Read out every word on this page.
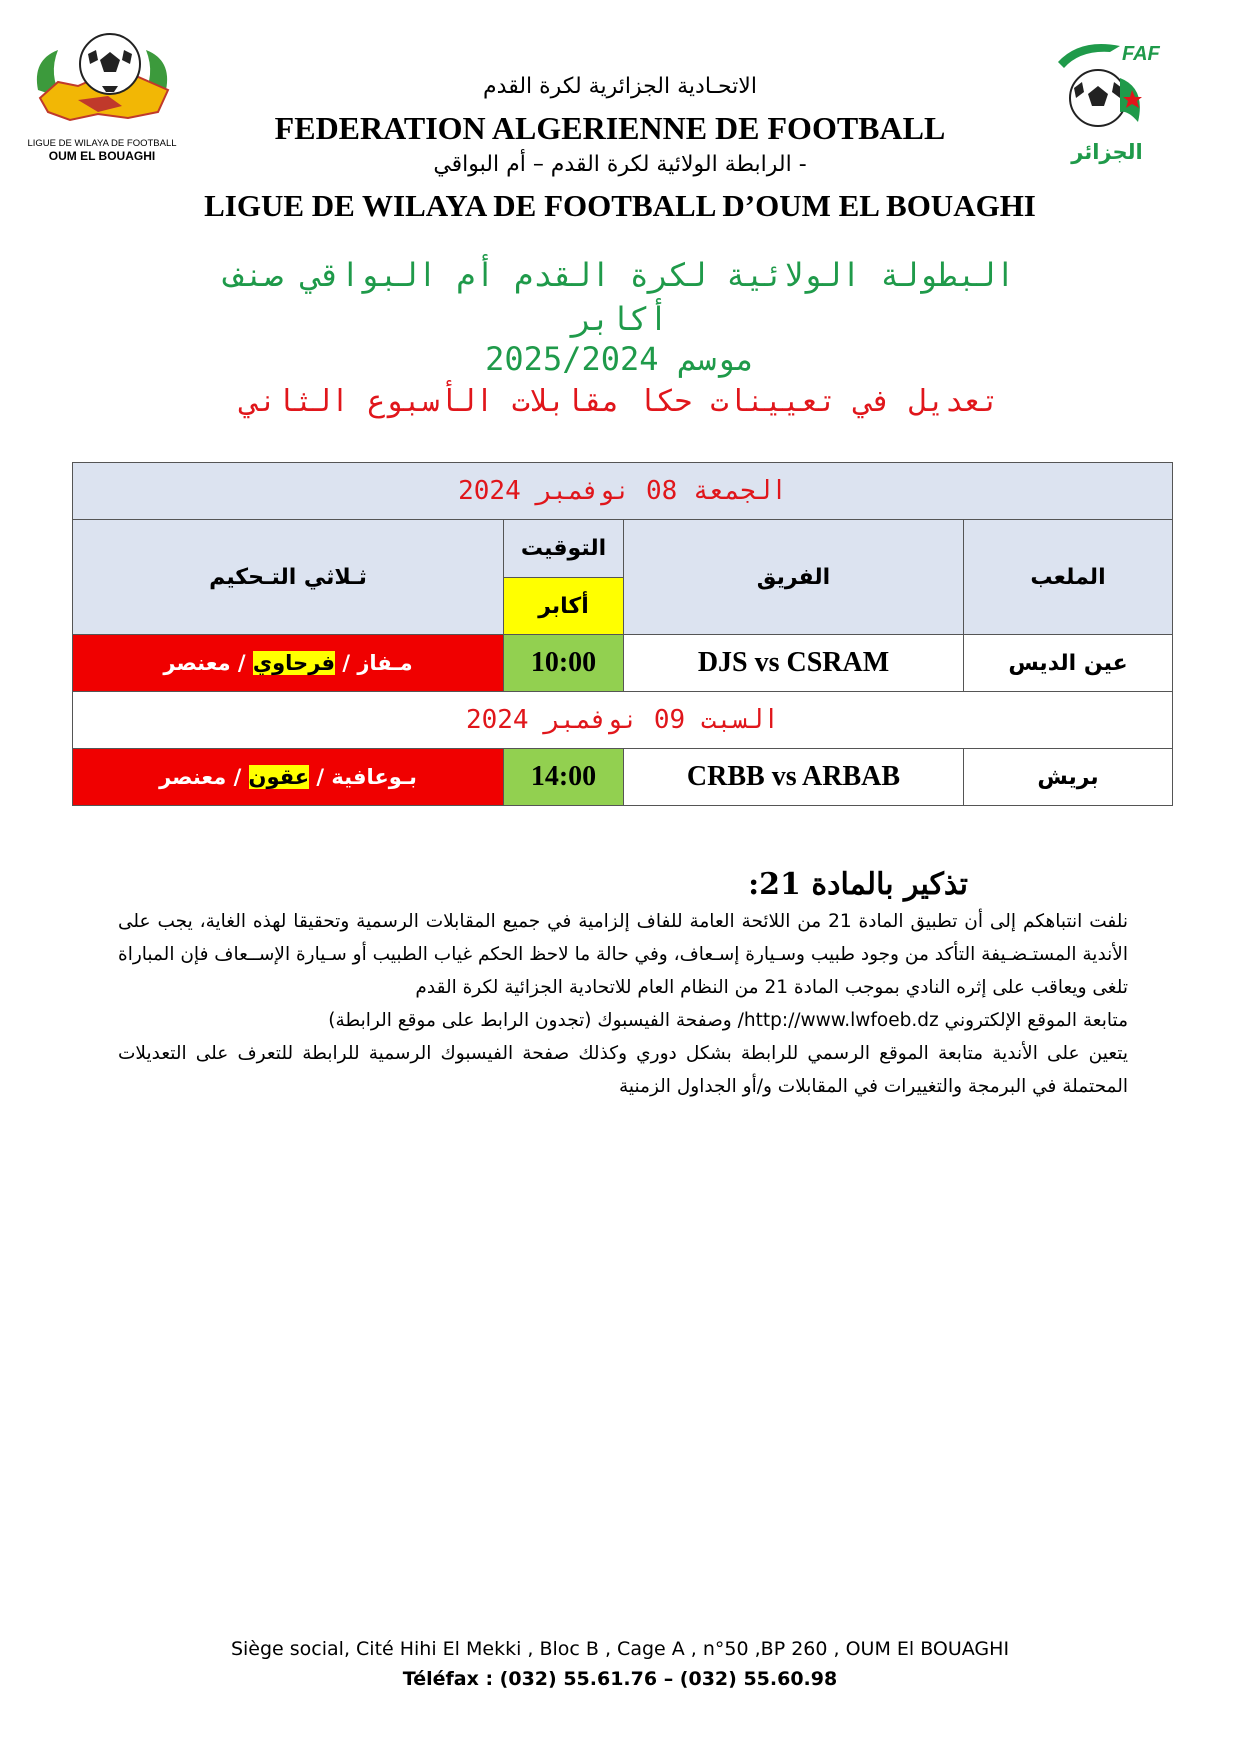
LIGUE DE WILAYA DE FOOTBALL
OUM EL BOUAGHI
FAF
الجزائر
الاتحـادية الجزائرية لكرة القدم
FEDERATION ALGERIENNE DE FOOTBALL
الرابطة الولائية لكرة القدم – أم البواقي -
LIGUE DE WILAYA DE FOOTBALL D’OUM EL BOUAGHI
البطولة الولائية لكرة القدم أم البواقي صنف
أكابر
موسم 2025/2024
تعديل في تعيينات حكا مقابلات الأسبوع الثاني
الجمعة 08 نوفمبر 2024			
الملعب	الفريق	التوقيت	ثـلاثي التـحكيم
		أكابر	
عين الديس	DJS vs CSRAM	10:00	مـفاز / فرحاوي / معنصر
السبت 09 نوفمبر 2024			
بريش	CRBB vs ARBAB	14:00	بـوعافية / عقون / معنصر
تذكير بالمادة 21:
نلفت انتباهكم إلى أن تطبيق المادة 21 من اللائحة العامة للفاف إلزامية في جميع المقابلات الرسمية وتحقيقا لهذه الغاية، يجب على الأندية المستـضـيفة التأكد من وجود طبيب وسـيارة إسـعاف، وفي حالة ما لاحظ الحكم غياب الطبيب أو سـيارة الإســعاف فإن المباراة تلغى ويعاقب على إثره النادي بموجب المادة 21 من النظام العام للاتحادية الجزائية لكرة القدم
متابعة الموقع الإلكتروني http://www.lwfoeb.dz/ وصفحة الفيسبوك (تجدون الرابط على موقع الرابطة)
يتعين على الأندية متابعة الموقع الرسمي للرابطة بشكل دوري وكذلك صفحة الفيسبوك الرسمية للرابطة للتعرف على التعديلات المحتملة في البرمجة والتغييرات في المقابلات و/أو الجداول الزمنية
Siège social, Cité Hihi El Mekki , Bloc B , Cage A , n°50 ,BP 260 , OUM El BOUAGHI
Téléfax : (032) 55.61.76 – (032) 55.60.98
